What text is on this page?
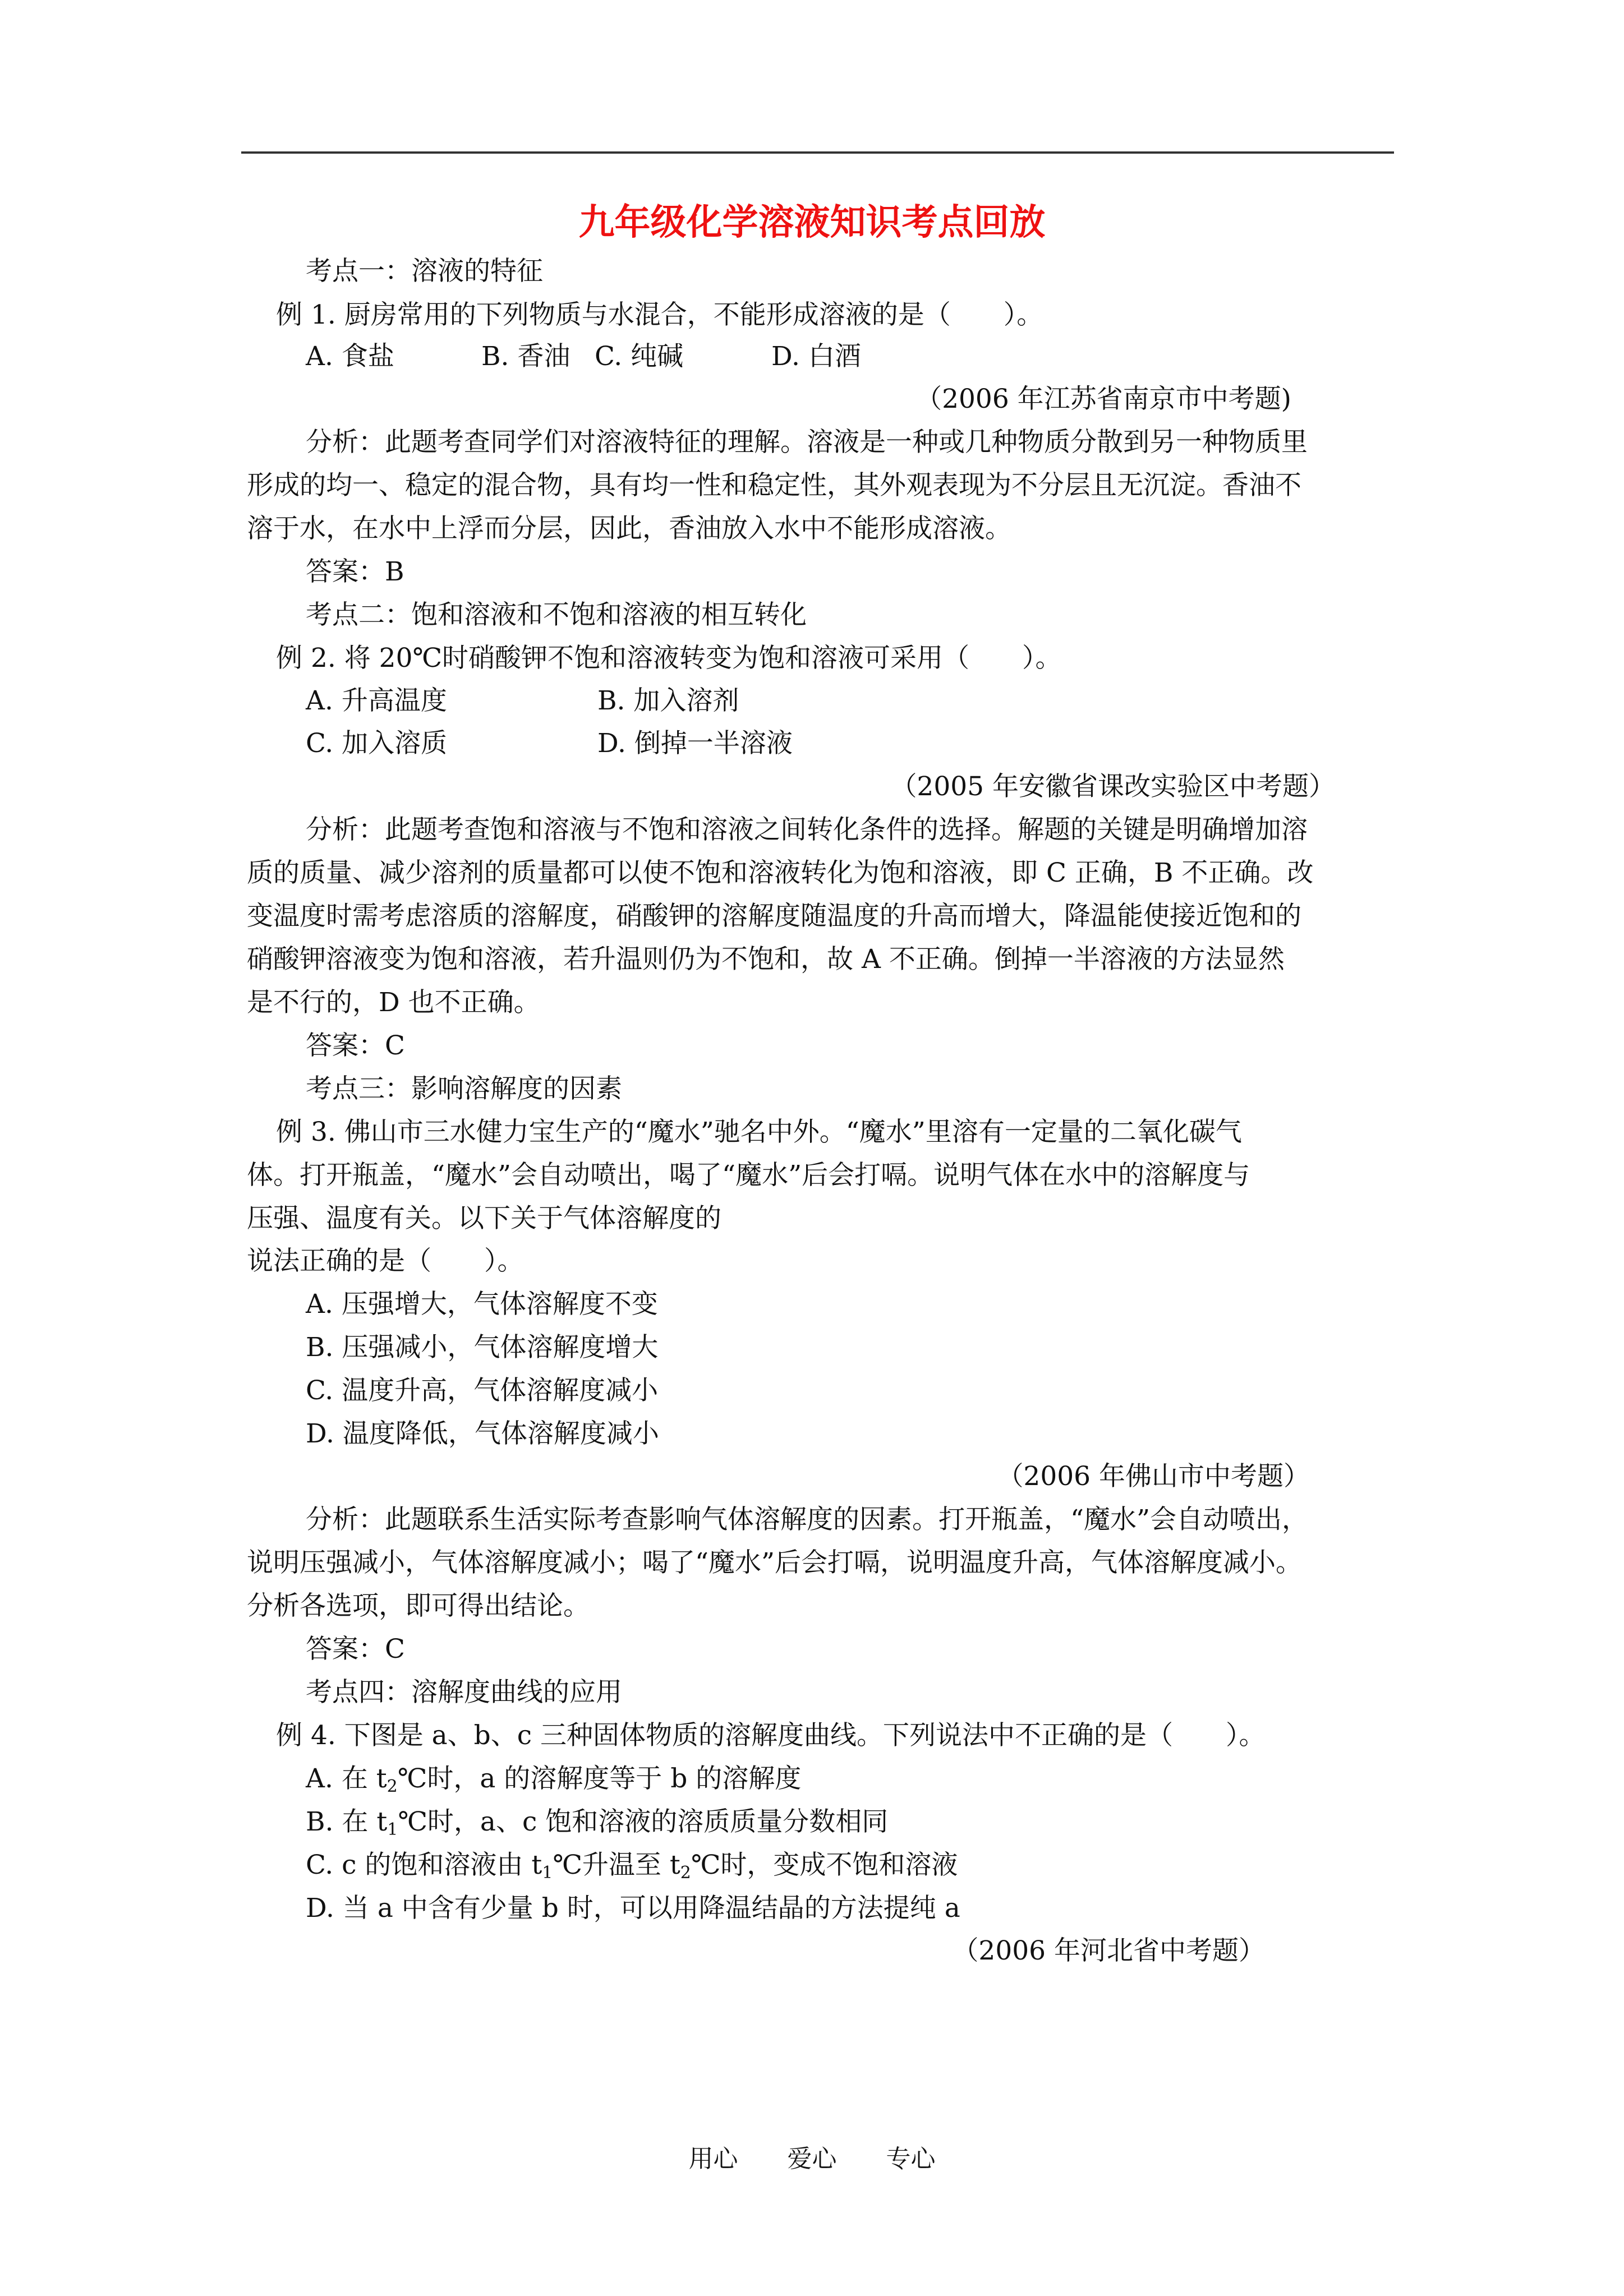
九年级化学溶液知识考点回放
考点一：溶液的特征
例 1. 厨房常用的下列物质与水混合，不能形成溶液的是（　　）。
A. 食盐	B. 香油 C. 纯碱	D. 白酒
（2006 年江苏省南京市中考题)
分析：此题考查同学们对溶液特征的理解。溶液是一种或几种物质分散到另一种物质里
形成的均一、稳定的混合物，具有均一性和稳定性，其外观表现为不分层且无沉淀。香油不
溶于水，在水中上浮而分层，因此，香油放入水中不能形成溶液。
答案：B
考点二：饱和溶液和不饱和溶液的相互转化
例 2. 将 20℃时硝酸钾不饱和溶液转变为饱和溶液可采用（　　）。
A. 升高温度	B. 加入溶剂
C. 加入溶质	D. 倒掉一半溶液
（2005 年安徽省课改实验区中考题）
分析：此题考查饱和溶液与不饱和溶液之间转化条件的选择。解题的关键是明确增加溶
质的质量、减少溶剂的质量都可以使不饱和溶液转化为饱和溶液，即 C 正确，B 不正确。改
变温度时需考虑溶质的溶解度，硝酸钾的溶解度随温度的升高而增大，降温能使接近饱和的
硝酸钾溶液变为饱和溶液，若升温则仍为不饱和，故 A 不正确。倒掉一半溶液的方法显然
是不行的，D 也不正确。
答案：C
考点三：影响溶解度的因素
例 3. 佛山市三水健力宝生产的“魔水”驰名中外。“魔水”里溶有一定量的二氧化碳气
体。打开瓶盖，“魔水”会自动喷出，喝了“魔水”后会打嗝。说明气体在水中的溶解度与
压强、温度有关。以下关于气体溶解度的
说法正确的是（　　）。
A. 压强增大，气体溶解度不变
B. 压强减小，气体溶解度增大
C. 温度升高，气体溶解度减小
D. 温度降低，气体溶解度减小
（2006 年佛山市中考题）
分析：此题联系生活实际考查影响气体溶解度的因素。打开瓶盖，“魔水”会自动喷出，
说明压强减小，气体溶解度减小；喝了“魔水”后会打嗝，说明温度升高，气体溶解度减小。
分析各选项，即可得出结论。
答案：C
考点四：溶解度曲线的应用
例 4. 下图是 a、b、c 三种固体物质的溶解度曲线。下列说法中不正确的是（　　）。
A. 在 $t_2℃$时，a 的溶解度等于 b 的溶解度
B. 在 $t_1℃$时，a、c 饱和溶液的溶质质量分数相同
C. c 的饱和溶液由 $t_1℃$升温至 $t_2℃$时，变成不饱和溶液
D. 当 a 中含有少量 b 时，可以用降温结晶的方法提纯 a
（2006 年河北省中考题）
用心　　爱心　　专心
